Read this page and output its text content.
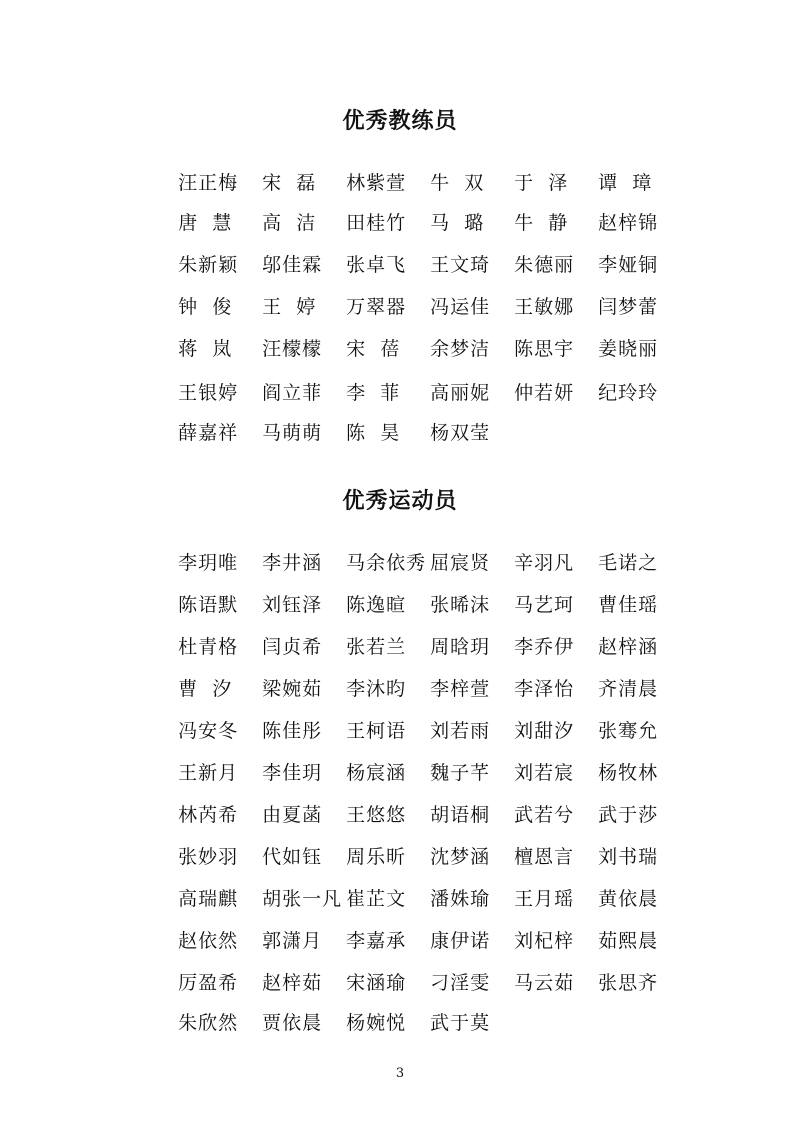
优秀教练员

汪正梅 宋  磊 林紫萱 牛  双 于  泽 谭  璋

唐  慧 高  洁 田桂竹 马  璐 牛  静 赵梓锦

朱新颖 邬佳霖 张卓飞 王文琦 朱德丽 李娅铜

钟  俊 王  婷 万翠器 冯运佳 王敏娜 闫梦蕾

蒋  岚 汪檬檬 宋  蓓 余梦洁 陈思宇 姜晓丽

王银婷 阎立菲 李  菲 高丽妮 仲若妍 纪玲玲

薛嘉祥 马萌萌 陈  昊 杨双莹

优秀运动员

李玥唯 李井涵 马余依秀 屈宸贤 辛羽凡 毛诺之

陈语默 刘钰泽 陈逸暄 张晞沫 马艺珂 曹佳瑶

杜青格 闫贞希 张若兰 周晗玥 李乔伊 赵梓涵

曹  汐 梁婉茹 李沐昀 李梓萱 李泽怡 齐清晨

冯安冬 陈佳彤 王柯语 刘若雨 刘甜汐 张骞允

王新月 李佳玥 杨宸涵 魏子芊 刘若宸 杨牧林

林芮希 由夏菡 王悠悠 胡语桐 武若兮 武于莎

张妙羽 代如钰 周乐昕 沈梦涵 檀恩言 刘书瑞

高瑞麒 胡张一凡 崔芷文 潘姝瑜 王月瑶 黄依晨

赵依然 郭潇月 李嘉承 康伊诺 刘杞梓 茹熙晨

厉盈希 赵梓茹 宋涵瑜 刁淫雯 马云茹 张思齐

朱欣然 贾依晨 杨婉悦 武于莫

3
